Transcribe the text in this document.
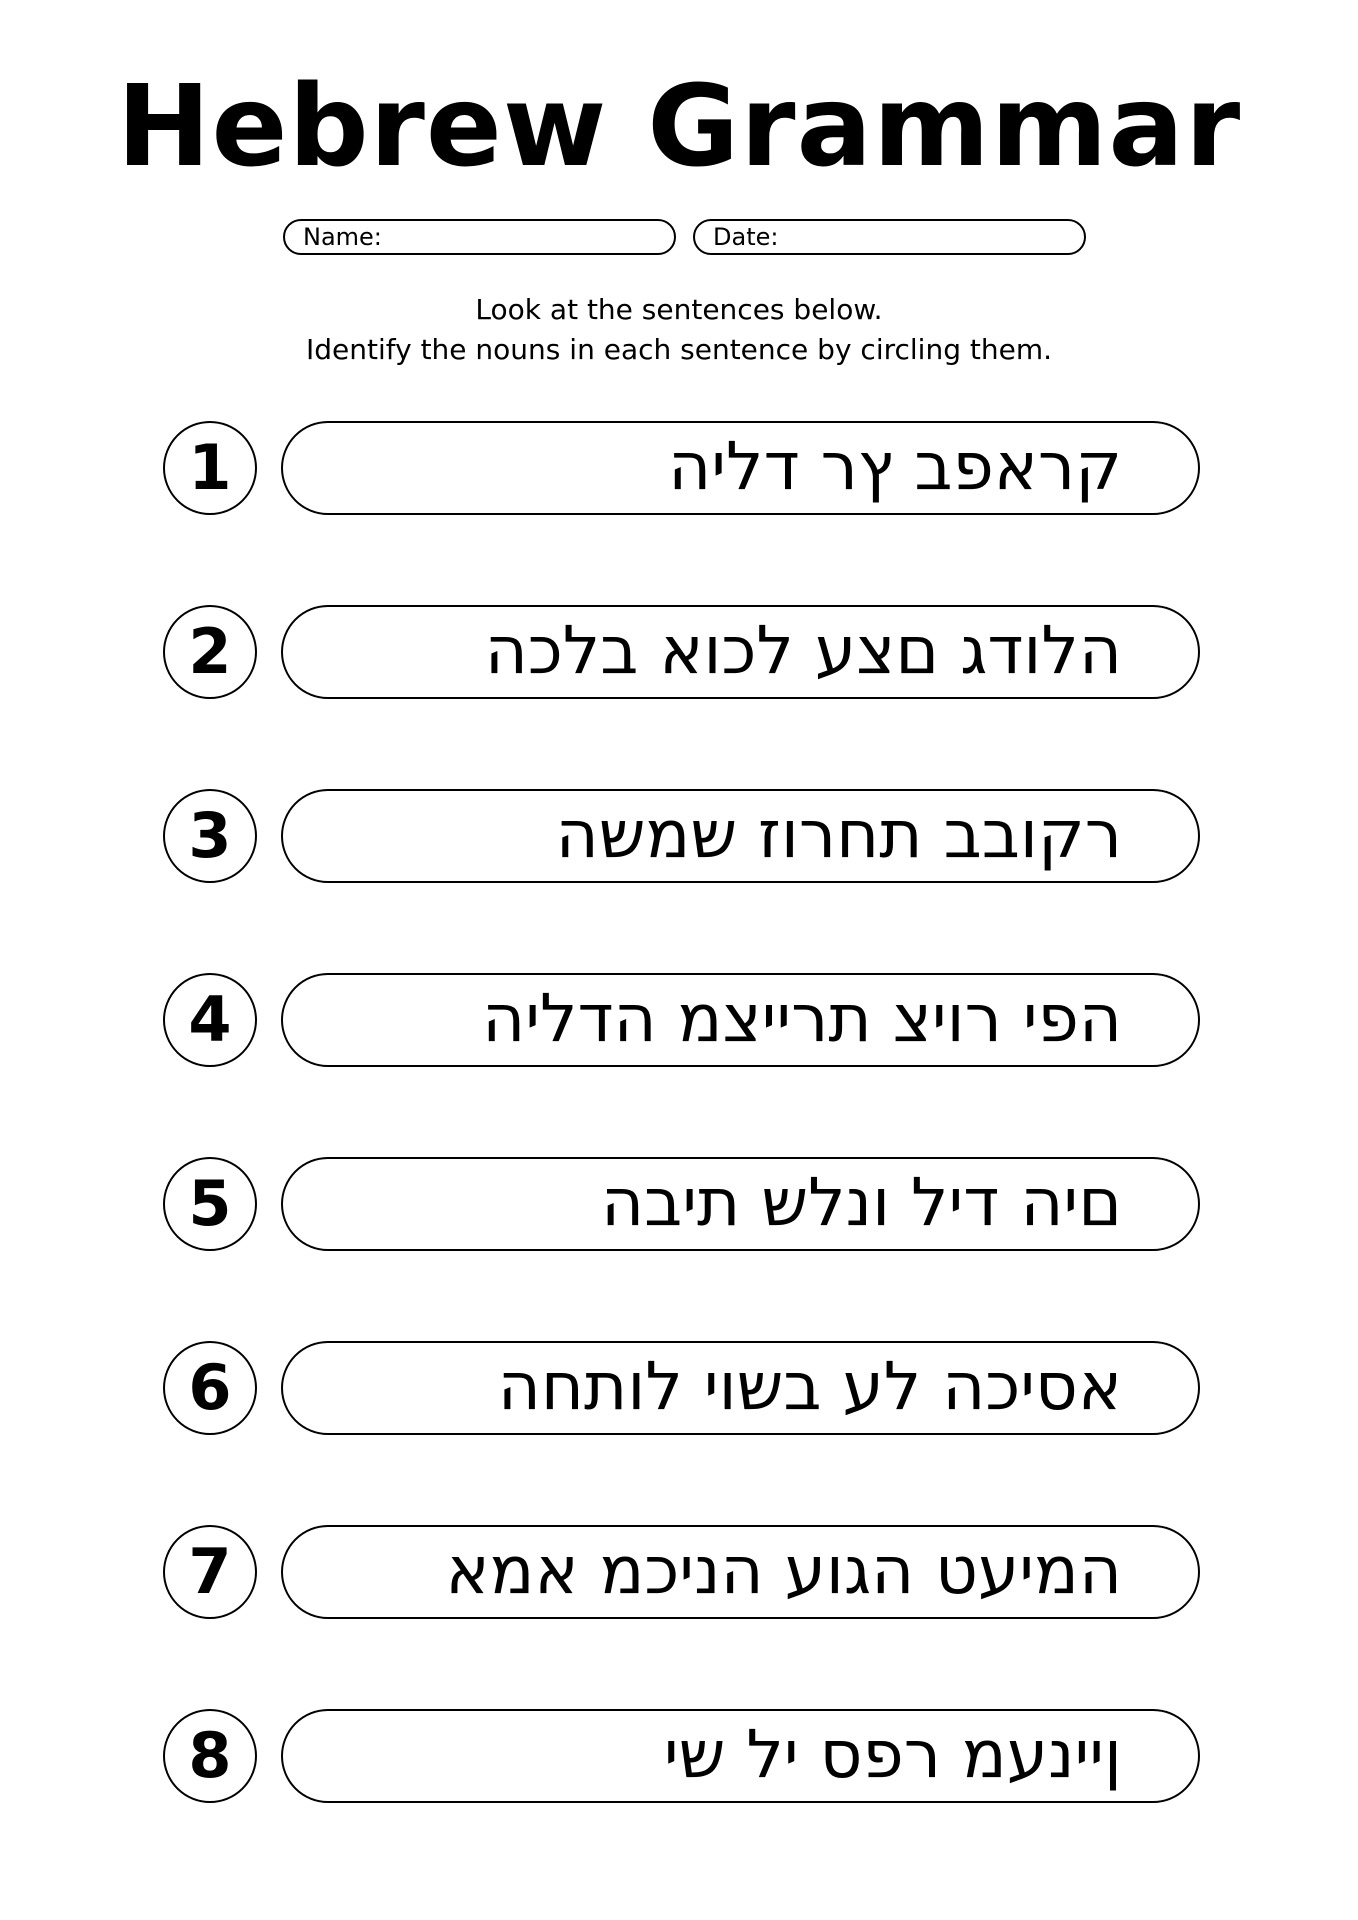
Hebrew Grammar
Name:	Date:
Look at the sentences below.
Identify the nouns in each sentence by circling them.
1	קראפב ץר דליה
2	הלודג םצע לכוא בלכה
3	רקובב תחרוז שמשה
4	הפי רויצ תרייצמ הדליה
5	םיה דיל ונלש תיבה
6	אסיכה לע בשוי לותחה
7	המיעט הגוע הניכמ אמא
8	ןיינעמ רפס יל שי
